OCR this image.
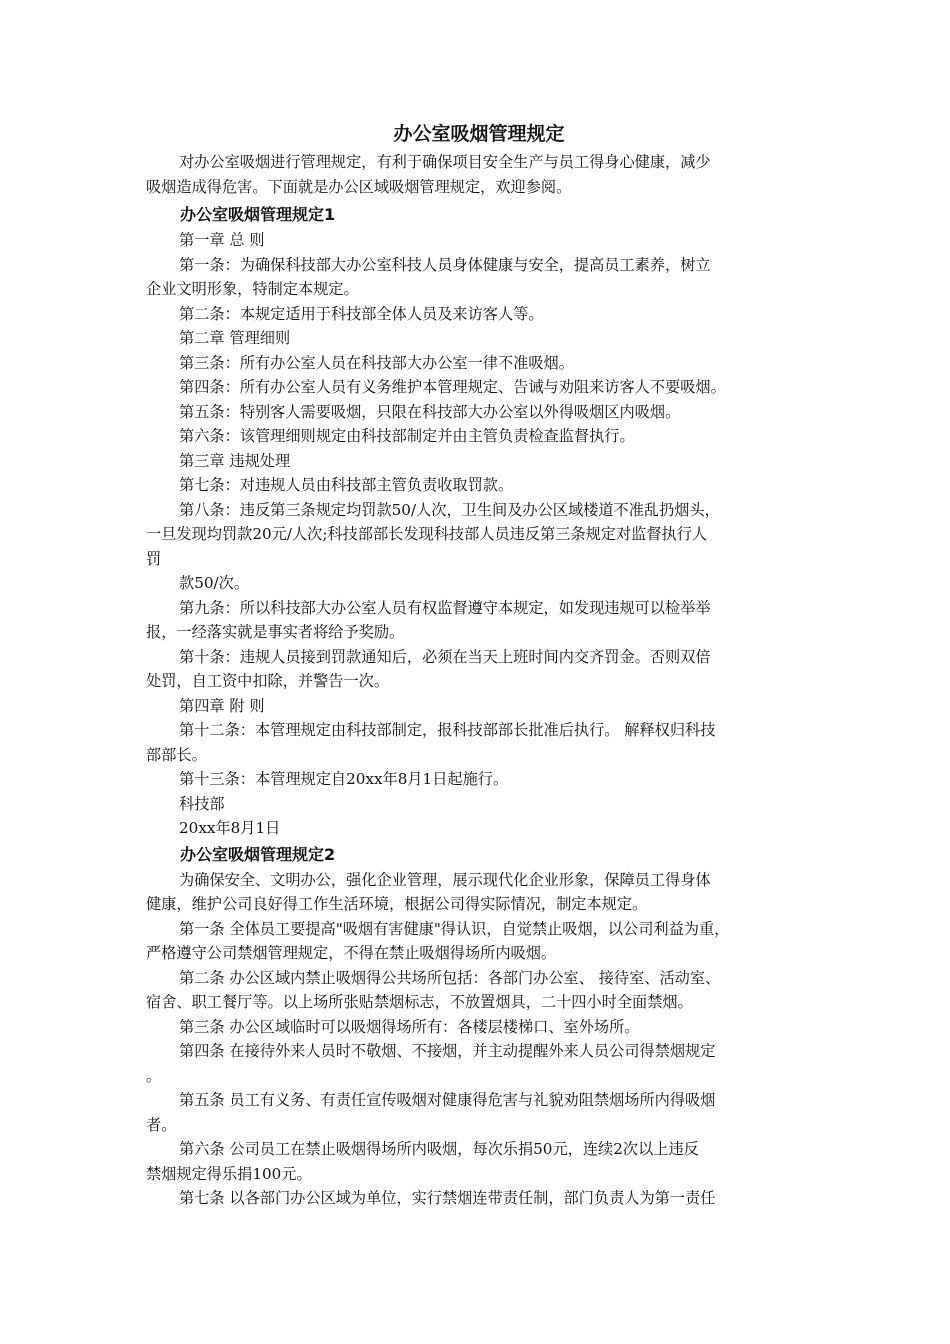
办公室吸烟管理规定

对办公室吸烟进行管理规定，有利于确保项目安全生产与员工得身心健康，减少
吸烟造成得危害。下面就是办公区域吸烟管理规定，欢迎参阅。

办公室吸烟管理规定1

第一章 总 则

第一条：为确保科技部大办公室科技人员身体健康与安全，提高员工素养，树立
企业文明形象，特制定本规定。

第二条：本规定适用于科技部全体人员及来访客人等。

第二章 管理细则

第三条：所有办公室人员在科技部大办公室一律不准吸烟。

第四条：所有办公室人员有义务维护本管理规定、告诫与劝阻来访客人不要吸烟。

第五条：特别客人需要吸烟，只限在科技部大办公室以外得吸烟区内吸烟。

第六条：该管理细则规定由科技部制定并由主管负责检查监督执行。

第三章 违规处理

第七条：对违规人员由科技部主管负责收取罚款。

第八条：违反第三条规定均罚款50/人次，卫生间及办公区域楼道不准乱扔烟头，
一旦发现均罚款20元/人次;科技部部长发现科技部人员违反第三条规定对监督执行人
罚

款50/次。

第九条：所以科技部大办公室人员有权监督遵守本规定，如发现违规可以检举举
报，一经落实就是事实者将给予奖励。

第十条：违规人员接到罚款通知后，必须在当天上班时间内交齐罚金。否则双倍
处罚，自工资中扣除，并警告一次。

第四章 附 则

第十二条：本管理规定由科技部制定，报科技部部长批准后执行。 解释权归科技
部部长。

第十三条：本管理规定自20xx年8月1日起施行。

科技部

20xx年8月1日

办公室吸烟管理规定2

为确保安全、文明办公，强化企业管理，展示现代化企业形象，保障员工得身体
健康，维护公司良好得工作生活环境，根据公司得实际情况，制定本规定。

第一条 全体员工要提高"吸烟有害健康"得认识，自觉禁止吸烟，以公司利益为重，
严格遵守公司禁烟管理规定，不得在禁止吸烟得场所内吸烟。

第二条 办公区域内禁止吸烟得公共场所包括：各部门办公室、 接待室、活动室、
宿舍、职工餐厅等。以上场所张贴禁烟标志，不放置烟具，二十四小时全面禁烟。

第三条 办公区域临时可以吸烟得场所有：各楼层楼梯口、室外场所。

第四条 在接待外来人员时不敬烟、不接烟，并主动提醒外来人员公司得禁烟规定
。

第五条 员工有义务、有责任宣传吸烟对健康得危害与礼貌劝阻禁烟场所内得吸烟
者。

第六条 公司员工在禁止吸烟得场所内吸烟，每次乐捐50元，连续2次以上违反
禁烟规定得乐捐100元。

第七条 以各部门办公区域为单位，实行禁烟连带责任制，部门负责人为第一责任
